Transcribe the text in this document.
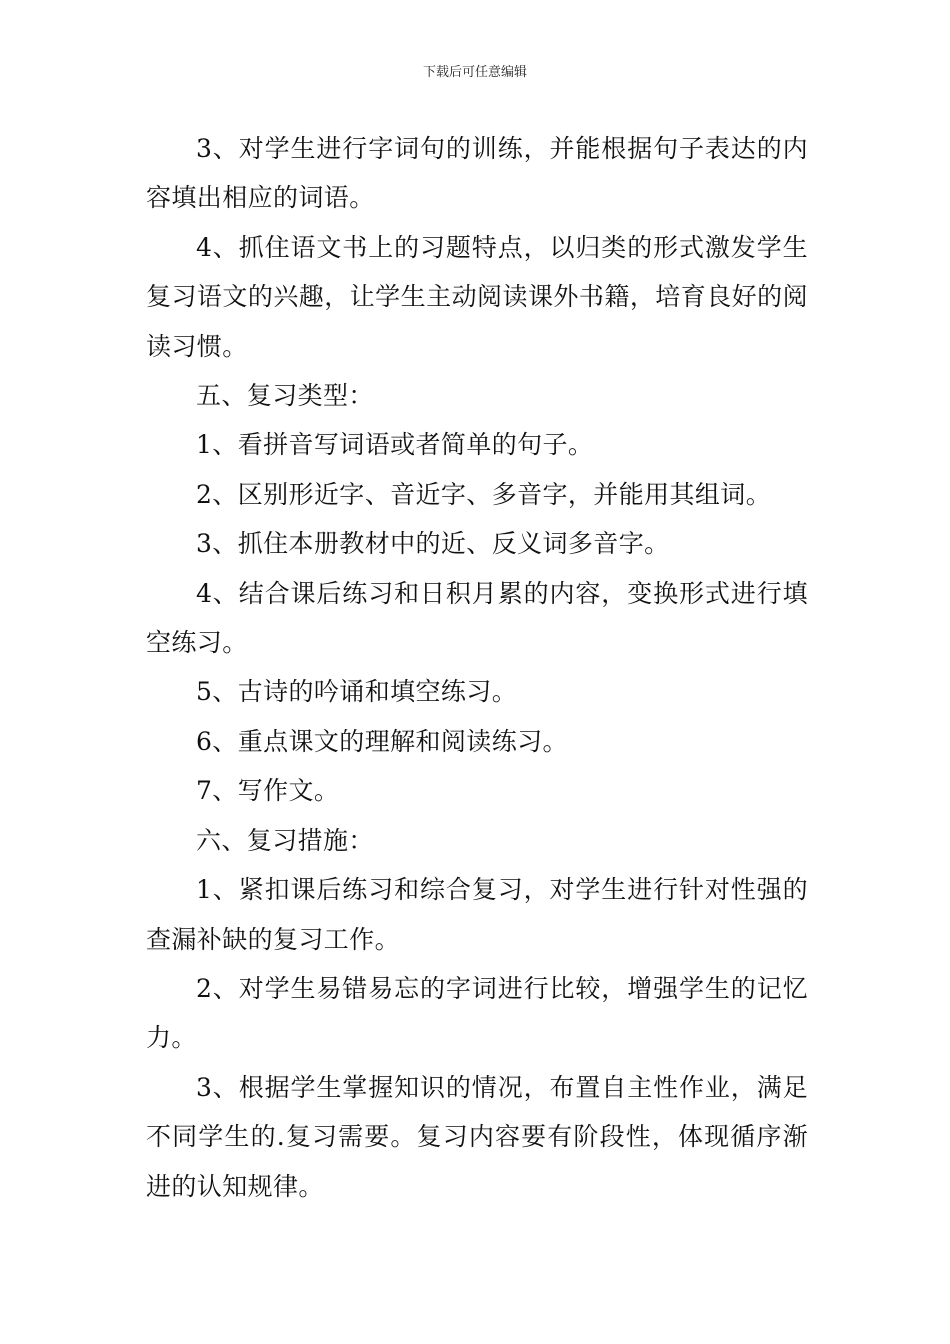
下载后可任意编辑

3、对学生进行字词句的训练，并能根据句子表达的内容填出相应的词语。

4、抓住语文书上的习题特点，以归类的形式激发学生复习语文的兴趣，让学生主动阅读课外书籍，培育良好的阅读习惯。

五、复习类型：

1、看拼音写词语或者简单的句子。

2、区别形近字、音近字、多音字，并能用其组词。

3、抓住本册教材中的近、反义词多音字。

4、结合课后练习和日积月累的内容，变换形式进行填空练习。

5、古诗的吟诵和填空练习。

6、重点课文的理解和阅读练习。

7、写作文。

六、复习措施：

1、紧扣课后练习和综合复习，对学生进行针对性强的查漏补缺的复习工作。

2、对学生易错易忘的字词进行比较，增强学生的记忆力。

3、根据学生掌握知识的情况，布置自主性作业，满足不同学生的.复习需要。复习内容要有阶段性，体现循序渐进的认知规律。
